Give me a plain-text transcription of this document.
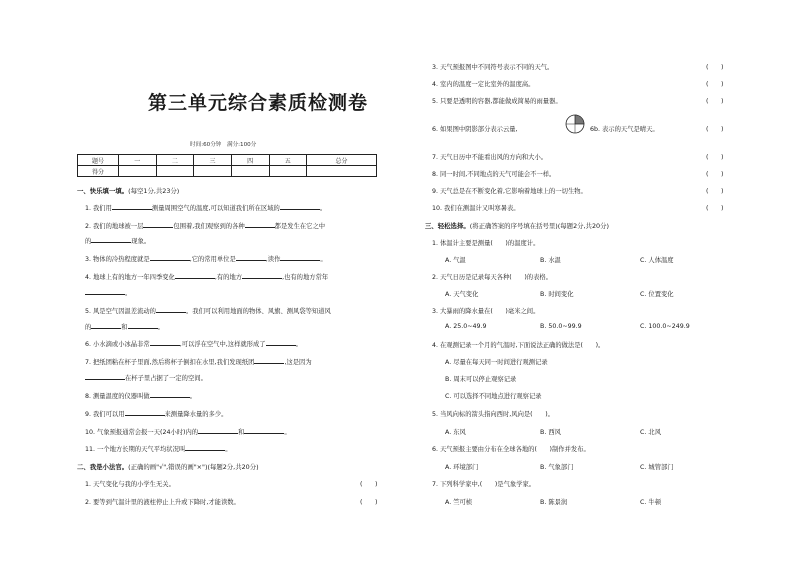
第三单元综合素质检测卷
时间:60分钟　满分:100分
题号	一	二	三	四	五	总分
得分						
一、快乐填一填。(每空1分,共23分)
1. 我们用	测量周围空气的温度,可以知道我们所在区域的	。
2. 我们的地球被一层	包围着,我们观察到的各种	都是发生在它之中
的	现象。
3. 物体的冷热程度就是	,它的常用单位是	,读作	。
4. 地球上有的地方一年四季变化	,有的地方	,也有的地方常年
。
5. 风是空气因温差流动的	。我们可以利用地面的物体、风旗、测风袋等知道风
的	和	。
6. 小水滴或小冰晶非常	,可以浮在空气中,这样就形成了	。
7. 把纸团粘在杯子里面,然后将杯子倒扣在水里,我们发现纸团	,这是因为
在杯子里占据了一定的空间。
8. 测量温度的仪器叫做	。
9. 我们可以用	来测量降水量的多少。
10. 气象预报通常会报一天(24小时)内的	和	。
11. 一个地方长期的天气平均状况叫	。
二、我是小法官。(正确的画"√",错误的画"×")(每题2分,共20分)
1. 天气变化与我的小学生无关。	(　　)
2. 要等到气温计里的液柱停止上升或下降时,才能读数。	(　　)
3. 天气预报图中不同符号表示不同的天气。	(　　)
4. 室内的温度一定比室外的温度高。	(　　)
5. 只要是透明的容器,都能做成简易的雨量器。	(　　)
6. 如果图中阴影部分表示云量,	6b. 表示的天气是晴天。	(　　)
7. 天气日历中不能看出风的方向和大小。	(　　)
8. 同一时间,不同地点的天气可能会不一样。	(　　)
9. 天气总是在不断变化着,它影响着地球上的一切生物。	(　　)
10. 我们在测温计又叫寒暑表。	(　　)
三、轻松选择。(将正确答案的序号填在括号里)(每题2分,共20分)
1. 体温计主要是测量(　　)的温度计。
A. 气温	B. 水温	C. 人体温度
2. 天气日历是记录每天各种(　　)的表格。
A. 天气变化	B. 时间变化	C. 位置变化
3. 大暴雨的降水量在(　　)毫米之间。
A. 25.0~49.9	B. 50.0~99.9	C. 100.0~249.9
4. 在观测记录一个月的气温时,下面说法正确的做法是(　　)。
A. 尽量在每天同一时间进行观测记录
B. 周末可以停止观察记录
C. 可以选择不同地点进行观察记录
5. 当风向标的箭头指向西时,风向是(　　)。
A. 东风	B. 西风	C. 北风
6. 天气预报主要由分布在全球各地的(　　)制作并发布。
A. 环境部门	B. 气象部门	C. 城管部门
7. 下列科学家中,(　　)是气象学家。
A. 竺可桢	B. 陈景润	C. 牛顿
